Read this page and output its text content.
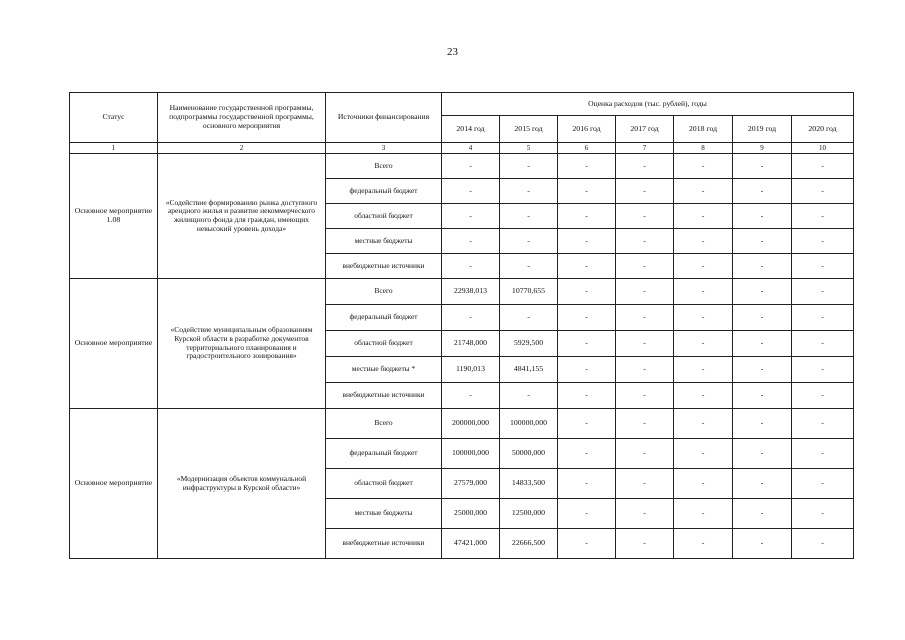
23
Статус	Наименование государственной программы, подпрограммы государственной программы, основного мероприятия	Источники финансирования	Оценка расходов (тыс. рублей), годы						
			2014 год	2015 год	2016 год	2017 год	2018 год	2019 год	2020 год
1	2	3	4	5	6	7	8	9	10
Основное мероприятие 1.08	«Содействие формированию рынка доступного арендного жилья и развитие некоммерческого жилищного фонда для граждан, имеющих невысокий уровень дохода»	Всего	-	-	-	-	-	-	-
		федеральный бюджет	-	-	-	-	-	-	-
		областной бюджет	-	-	-	-	-	-	-
		местные бюджеты	-	-	-	-	-	-	-
		внебюджетные источники	-	-	-	-	-	-	-
Основное мероприятие	«Содействие муниципальным образованиям Курской области в разработке документов территориального планирования и градостроительного зонирования»	Всего	22938,013	10770,655	-	-	-	-	-
		федеральный бюджет	-	-	-	-	-	-	-
		областной бюджет	21748,000	5929,500	-	-	-	-	-
		местные бюджеты *	1190,013	4841,155	-	-	-	-	-
		внебюджетные источники	-	-	-	-	-	-	-
Основное мероприятие	«Модернизация объектов коммунальной инфраструктуры в Курской области»	Всего	200000,000	100000,000	-	-	-	-	-
		федеральный бюджет	100000,000	50000,000	-	-	-	-	-
		областной бюджет	27579,000	14833,500	-	-	-	-	-
		местные бюджеты	25000,000	12500,000	-	-	-	-	-
		внебюджетные источники	47421,000	22666,500	-	-	-	-	-
